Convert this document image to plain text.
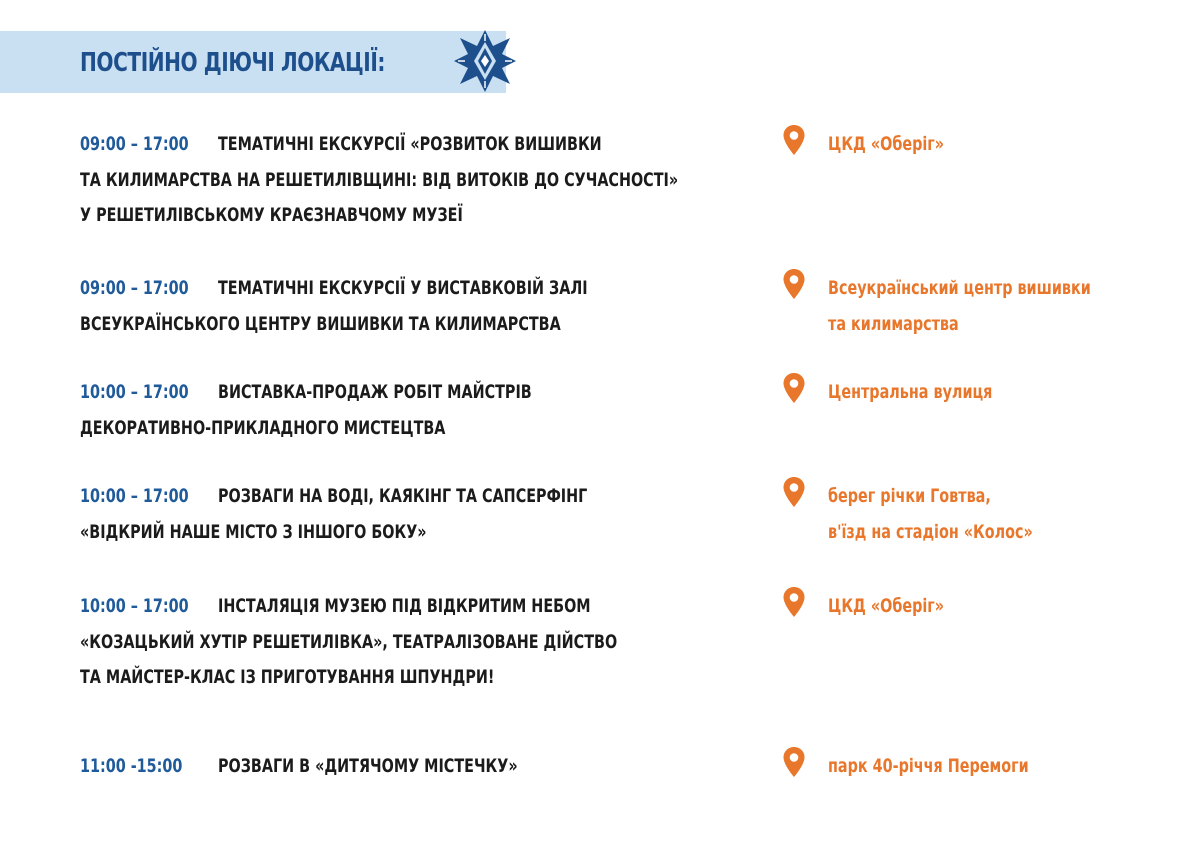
ПОСТІЙНО ДІЮЧІ ЛОКАЦІЇ:
09:00 – 17:00 ТЕМАТИЧНІ ЕКСКУРСІЇ «РОЗВИТОК ВИШИВКИ
ТА КИЛИМАРСТВА НА РЕШЕТИЛІВЩИНІ: ВІД ВИТОКІВ ДО СУЧАСНОСТІ»
У РЕШЕТИЛІВСЬКОМУ КРАЄЗНАВЧОМУ МУЗЕЇ
ЦКД «Оберіг»
09:00 – 17:00 ТЕМАТИЧНІ ЕКСКУРСІЇ У ВИСТАВКОВІЙ ЗАЛІ
ВСЕУКРАЇНСЬКОГО ЦЕНТРУ ВИШИВКИ ТА КИЛИМАРСТВА
Всеукраїнський центр вишивки
та килимарства
10:00 – 17:00 ВИСТАВКА-ПРОДАЖ РОБІТ МАЙСТРІВ
ДЕКОРАТИВНО-ПРИКЛАДНОГО МИСТЕЦТВА
Центральна вулиця
10:00 – 17:00 РОЗВАГИ НА ВОДІ, КАЯКІНГ ТА САПСЕРФІНГ
«ВІДКРИЙ НАШЕ МІСТО З ІНШОГО БОКУ»
берег річки Говтва,
в'їзд на стадіон «Колос»
10:00 – 17:00 ІНСТАЛЯЦІЯ МУЗЕЮ ПІД ВІДКРИТИМ НЕБОМ
«КОЗАЦЬКИЙ ХУТІР РЕШЕТИЛІВКА», ТЕАТРАЛІЗОВАНЕ ДІЙСТВО
ТА МАЙСТЕР-КЛАС ІЗ ПРИГОТУВАННЯ ШПУНДРИ!
ЦКД «Оберіг»
11:00 -15:00 РОЗВАГИ В «ДИТЯЧОМУ МІСТЕЧКУ»	парк 40-річчя Перемоги
